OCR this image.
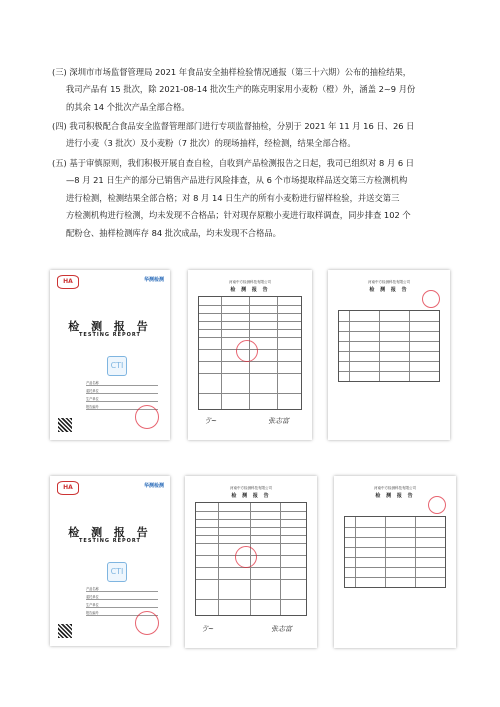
(三) 深圳市市场监督管理局 2021 年食品安全抽样检验情况通报（第三十六期）公布的抽检结果，
我司产品有 15 批次，除 2021-08-14 批次生产的陈克明家用小麦粉（橙）外，涵盖 2~9 月份
的其余 14 个批次产品全部合格。
(四) 我司积极配合食品安全监督管理部门进行专项监督抽检，分别于 2021 年 11 月 16 日、26 日
进行小麦（3 批次）及小麦粉（7 批次）的现场抽样，经检测，结果全部合格。
(五) 基于审慎原则，我们积极开展自查自检，自收到产品检测报告之日起，我司已组织对 8 月 6 日
—8 月 21 日生产的部分已销售产品进行风险排查，从 6 个市场提取样品送交第三方检测机构
进行检测，检测结果全部合格；对 8 月 14 日生产的所有小麦粉进行留样检验，并送交第三
方检测机构进行检测，均未发现不合格品；针对现存原粮小麦进行取样调查，同步排查 102 个
配粉仓、抽样检测库存 84 批次成品，均未发现不合格品。
HA	华测检测
检 测 报 告
TESTING REPORT
CTI
产品名称
委托单位
生产单位
报告编号
河南中方检测科技有限公司
检 测 报 告
ゔ~	张志富
河南中方检测科技有限公司
检 测 报 告
HA	华测检测
检 测 报 告
TESTING REPORT
CTI
产品名称
委托单位
生产单位
报告编号
河南中方检测科技有限公司
检 测 报 告
ゔ~	张志富
河南中方检测科技有限公司
检 测 报 告
